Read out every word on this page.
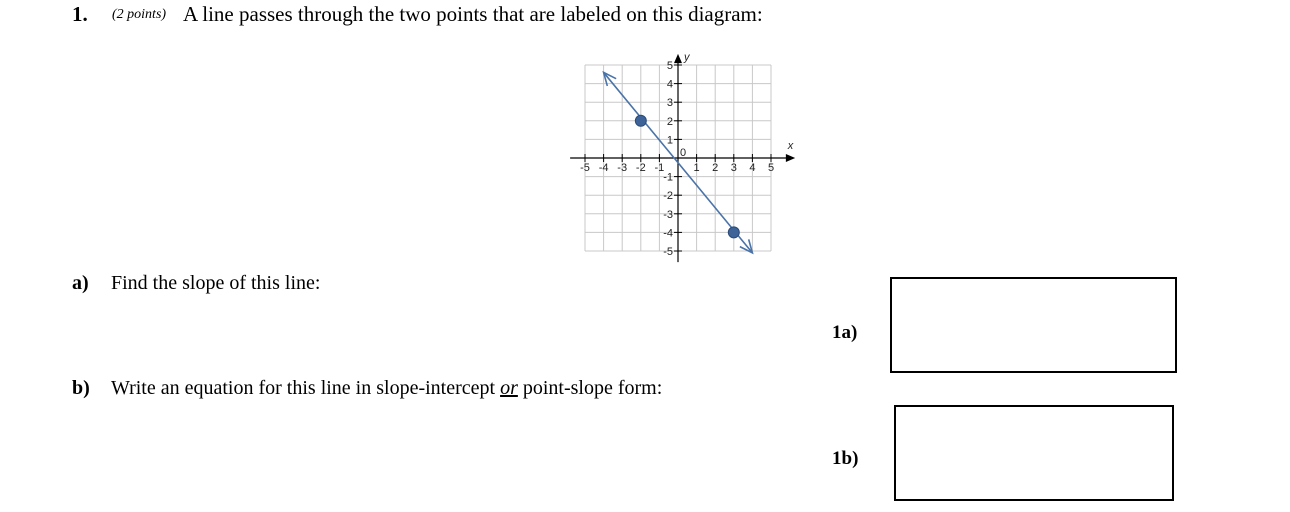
1. (2 points) A line passes through the two points that are labeled on this diagram:
x
y
-5 -4 -3 -2 -1	1 2 3 4 5
5
4
3
2
1
-1
-2
-3
-4
-5
0
a) Find the slope of this line:
b) Write an equation for this line in slope-intercept or point-slope form:
1a)
1b)
